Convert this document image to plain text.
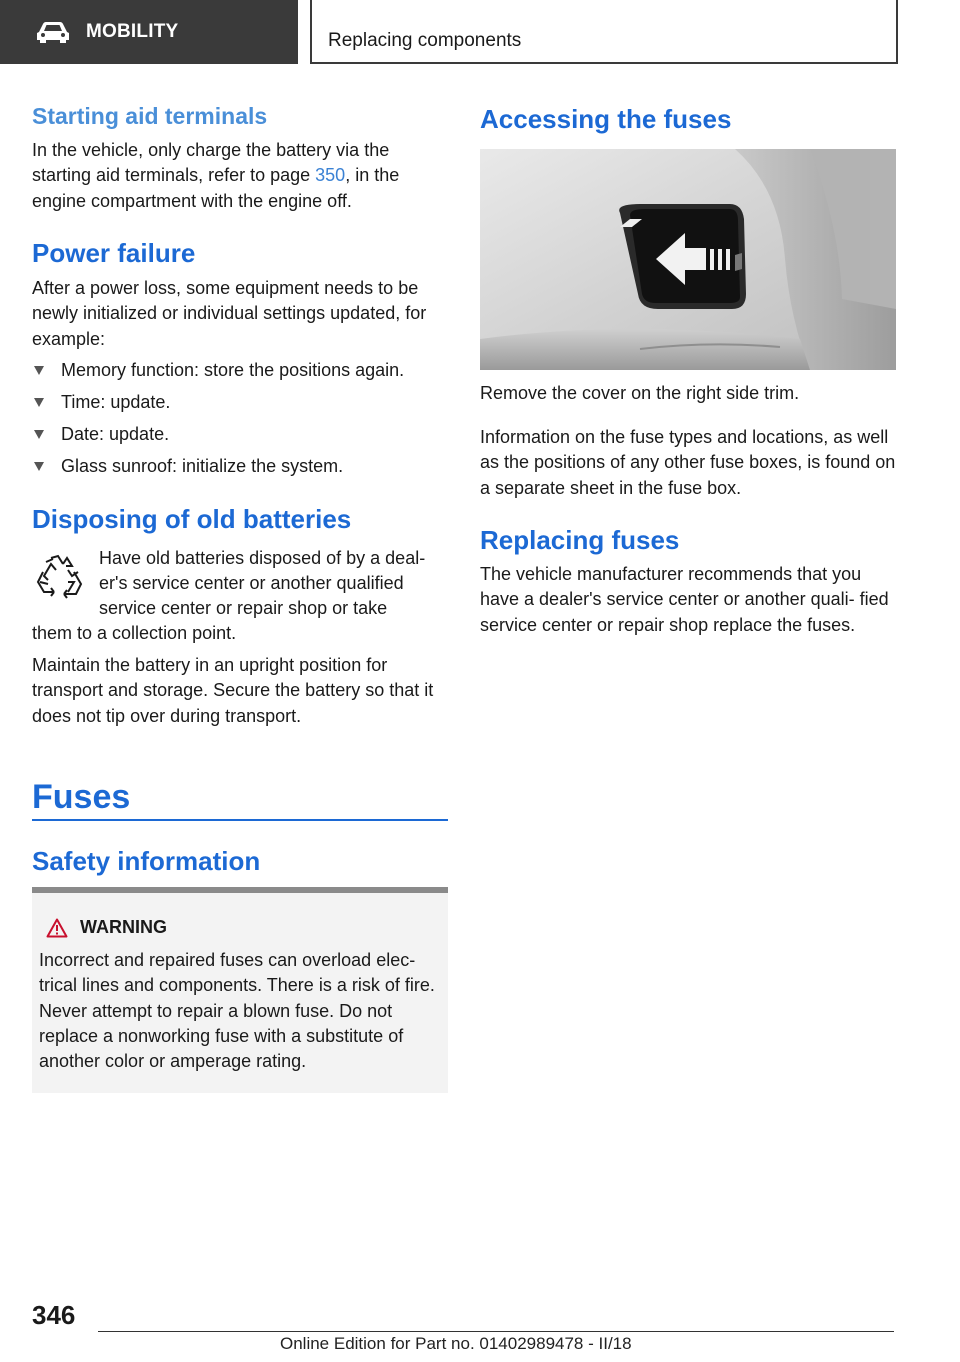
MOBILITY	Replacing components
Starting aid terminals
In the vehicle, only charge the battery via the starting aid terminals, refer to page 350, in the engine compartment with the engine off.
Power failure
After a power loss, some equipment needs to be newly initialized or individual settings updated, for example:
Memory function: store the positions again.
Time: update.
Date: update.
Glass sunroof: initialize the system.
Disposing of old batteries
Have old batteries disposed of by a deal‐
er's service center or another qualified
service center or repair shop or take
them to a collection point.
Maintain the battery in an upright position for transport and storage. Secure the battery so that it does not tip over during transport.
Fuses
Safety information
WARNING
Incorrect and repaired fuses can overload elec‐ trical lines and components. There is a risk of fire. Never attempt to repair a blown fuse. Do not replace a nonworking fuse with a substitute of another color or amperage rating.
Accessing the fuses
Remove the cover on the right side trim.
Information on the fuse types and locations, as well as the positions of any other fuse boxes, is found on a separate sheet in the fuse box.
Replacing fuses
The vehicle manufacturer recommends that you have a dealer's service center or another quali‐ fied service center or repair shop replace the fuses.
346
Online Edition for Part no. 01402989478 - II/18
